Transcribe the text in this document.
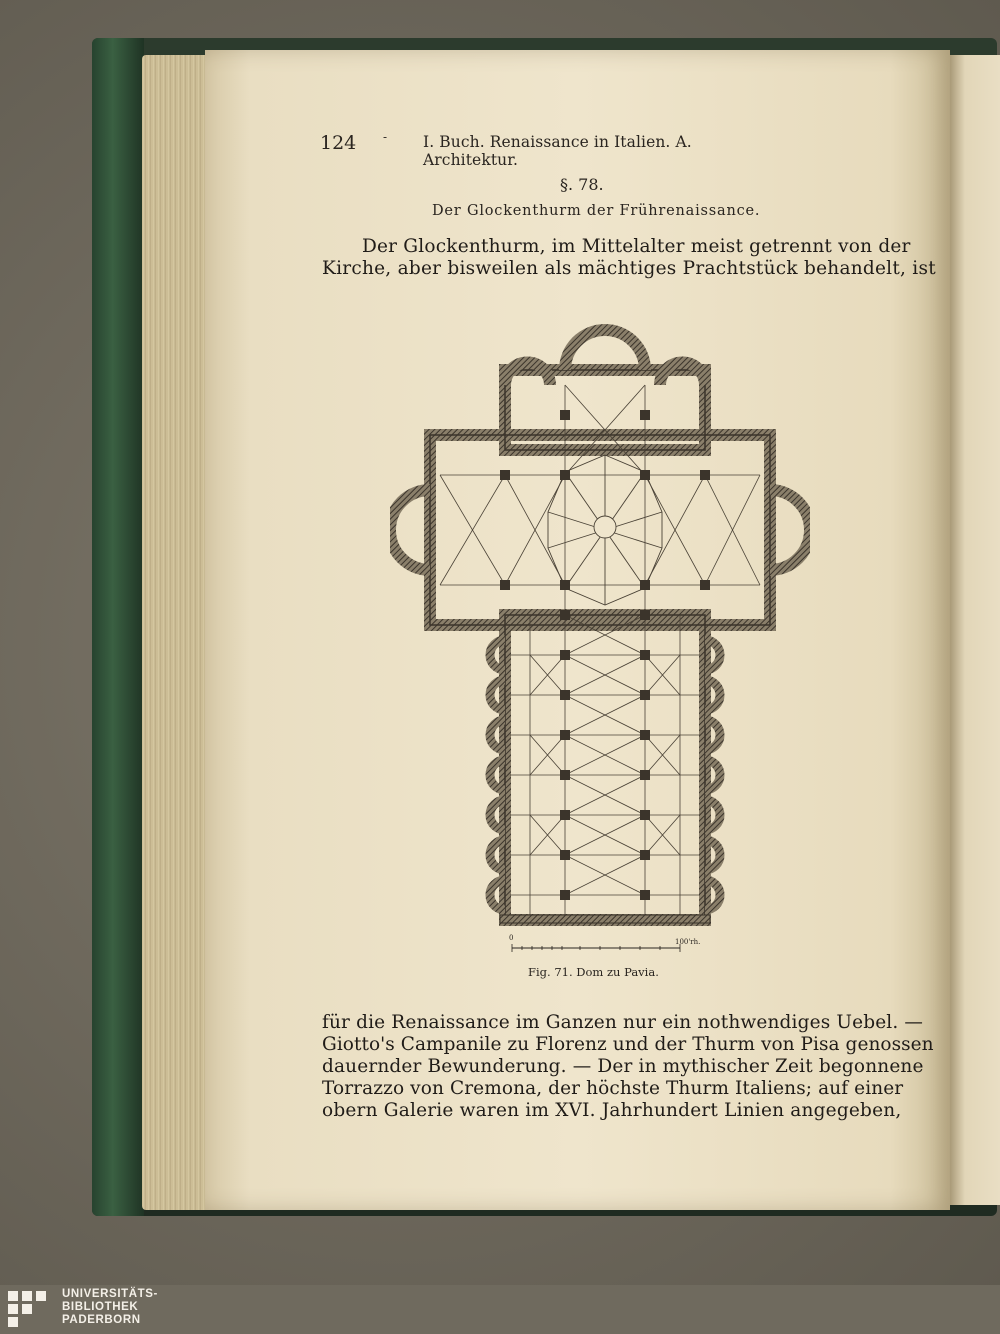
124 - I. Buch. Renaissance in Italien. A. Architektur.
§. 78.
Der Glockenthurm der Frührenaissance.
Der Glockenthurm, im Mittelalter meist getrennt von der
Kirche, aber bisweilen als mächtiges Prachtstück behandelt, ist
0	100'rh.
Fig. 71. Dom zu Pavia.
für die Renaissance im Ganzen nur ein nothwendiges Uebel. —
Giotto's Campanile zu Florenz und der Thurm von Pisa genossen
dauernder Bewunderung. — Der in mythischer Zeit begonnene
Torrazzo von Cremona, der höchste Thurm Italiens; auf einer
obern Galerie waren im XVI. Jahrhundert Linien angegeben,
UNIVERSITÄTS-
BIBLIOTHEK
PADERBORN
